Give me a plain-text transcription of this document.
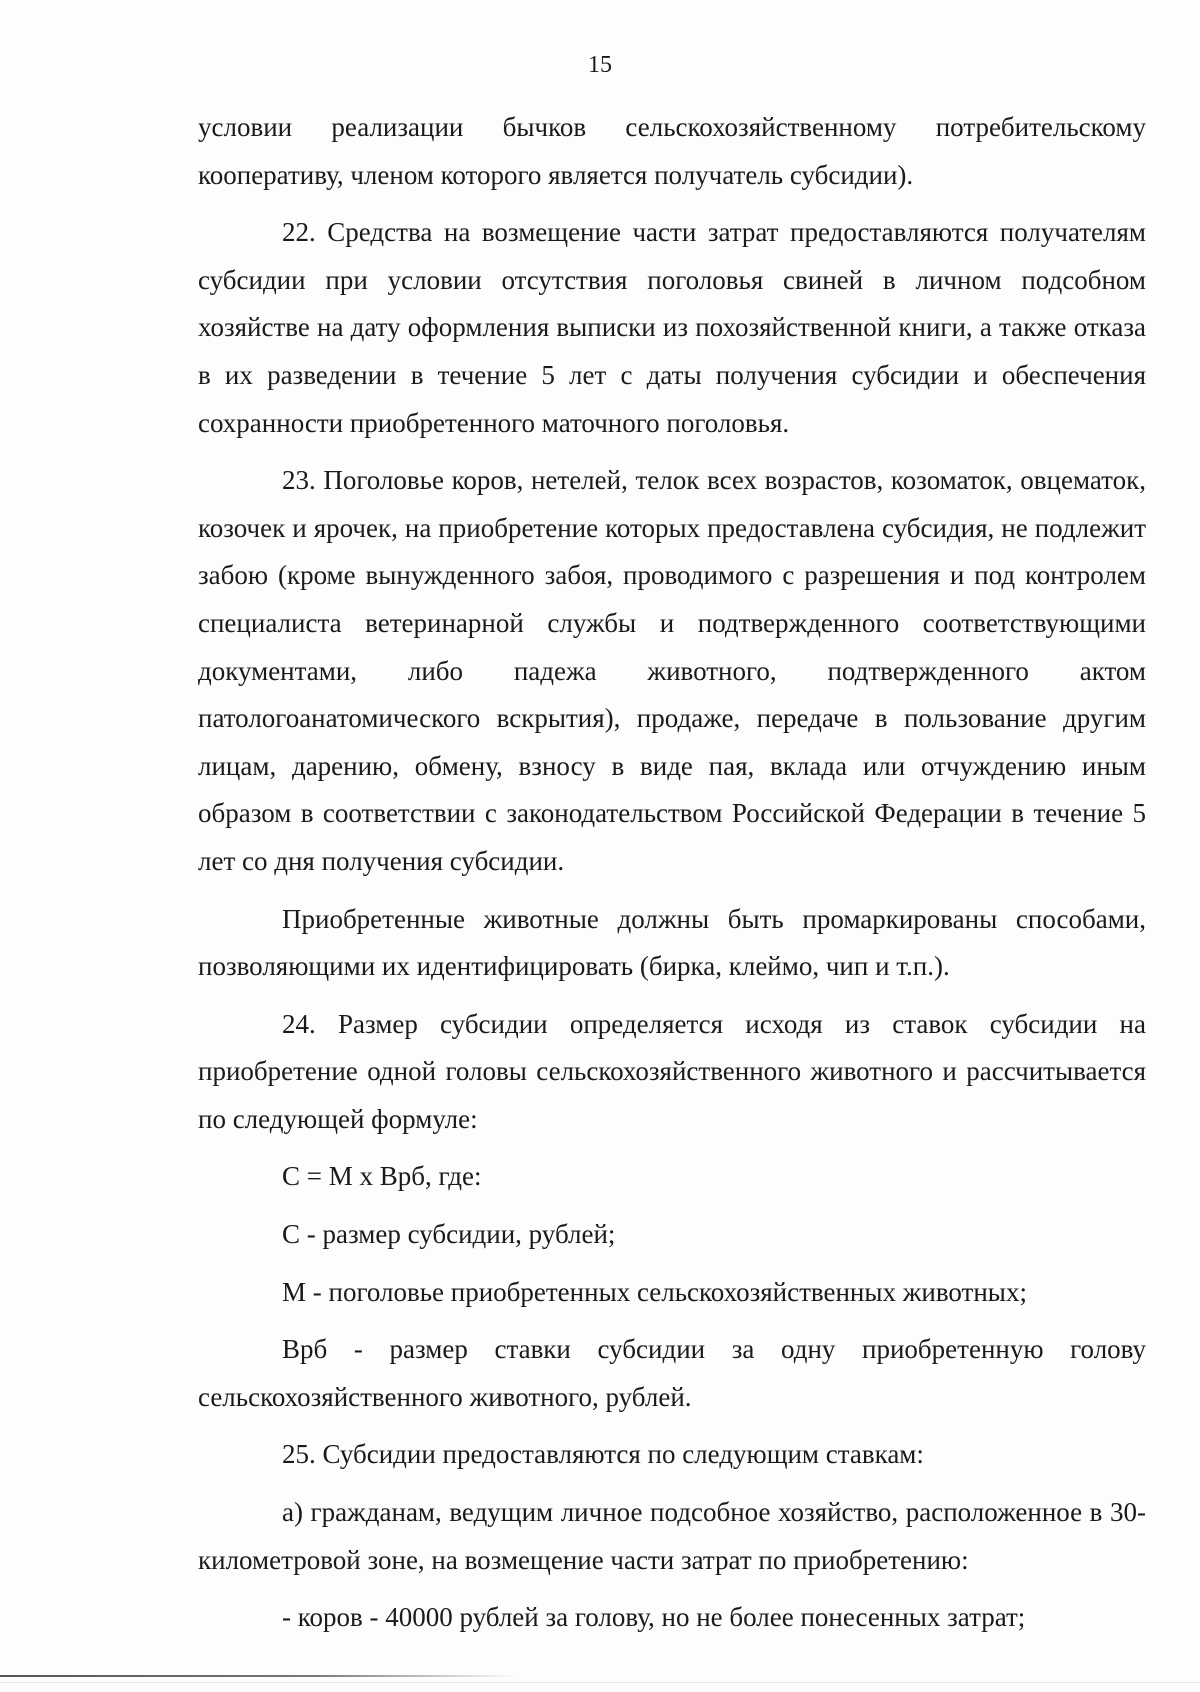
15

условии реализации бычков сельскохозяйственному потребительскому кооперативу, членом которого является получатель субсидии).

22. Средства на возмещение части затрат предоставляются получателям субсидии при условии отсутствия поголовья свиней в личном подсобном хозяйстве на дату оформления выписки из похозяйственной книги, а также отказа в их разведении в течение 5 лет с даты получения субсидии и обеспечения сохранности приобретенного маточного поголовья.

23. Поголовье коров, нетелей, телок всех возрастов, козоматок, овцематок, козочек и ярочек, на приобретение которых предоставлена субсидия, не подлежит забою (кроме вынужденного забоя, проводимого с разрешения и под контролем специалиста ветеринарной службы и подтвержденного соответствующими документами, либо падежа животного, подтвержденного актом патологоанатомического вскрытия), продаже, передаче в пользование другим лицам, дарению, обмену, взносу в виде пая, вклада или отчуждению иным образом в соответствии с законодательством Российской Федерации в течение 5 лет со дня получения субсидии.

Приобретенные животные должны быть промаркированы способами, позволяющими их идентифицировать (бирка, клеймо, чип и т.п.).

24. Размер субсидии определяется исходя из ставок субсидии на приобретение одной головы сельскохозяйственного животного и рассчитывается по следующей формуле:

С = М х Врб, где:

С - размер субсидии, рублей;

М - поголовье приобретенных сельскохозяйственных животных;

Врб - размер ставки субсидии за одну приобретенную голову сельскохозяйственного животного, рублей.

25. Субсидии предоставляются по следующим ставкам:

а) гражданам, ведущим личное подсобное хозяйство, расположенное в 30-километровой зоне, на возмещение части затрат по приобретению:

- коров - 40000 рублей за голову, но не более понесенных затрат;
